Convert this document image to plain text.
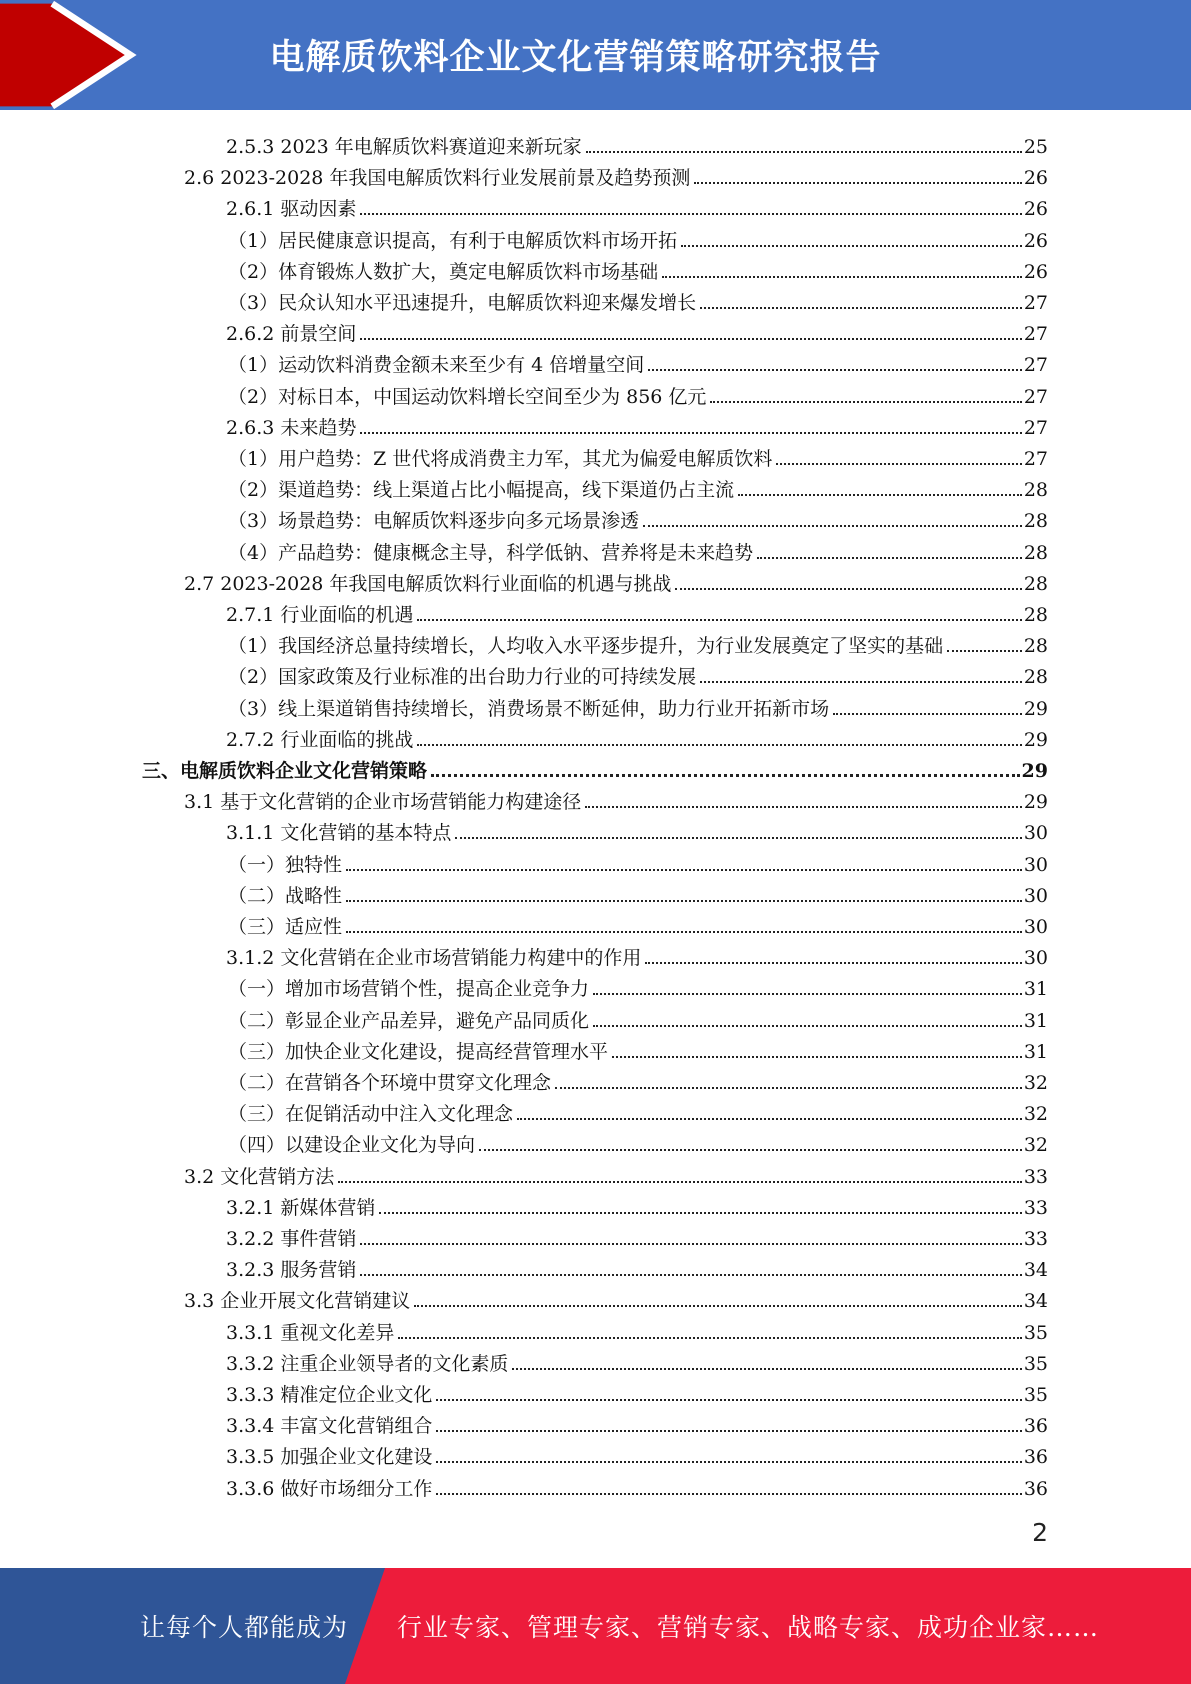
电解质饮料企业文化营销策略研究报告
2.5.3 2023 年电解质饮料赛道迎来新玩家	25
2.6 2023-2028 年我国电解质饮料行业发展前景及趋势预测	26
2.6.1 驱动因素	26
（1）居民健康意识提高，有利于电解质饮料市场开拓	26
（2）体育锻炼人数扩大，奠定电解质饮料市场基础	26
（3）民众认知水平迅速提升，电解质饮料迎来爆发增长	27
2.6.2 前景空间	27
（1）运动饮料消费金额未来至少有 4 倍增量空间	27
（2）对标日本，中国运动饮料增长空间至少为 856 亿元	27
2.6.3 未来趋势	27
（1）用户趋势：Z 世代将成消费主力军，其尤为偏爱电解质饮料	27
（2）渠道趋势：线上渠道占比小幅提高，线下渠道仍占主流	28
（3）场景趋势：电解质饮料逐步向多元场景渗透	28
（4）产品趋势：健康概念主导，科学低钠、营养将是未来趋势	28
2.7 2023-2028 年我国电解质饮料行业面临的机遇与挑战	28
2.7.1 行业面临的机遇	28
（1）我国经济总量持续增长，人均收入水平逐步提升，为行业发展奠定了坚实的基础	28
（2）国家政策及行业标准的出台助力行业的可持续发展	28
（3）线上渠道销售持续增长，消费场景不断延伸，助力行业开拓新市场	29
2.7.2 行业面临的挑战	29
三、电解质饮料企业文化营销策略	29
3.1 基于文化营销的企业市场营销能力构建途径	29
3.1.1 文化营销的基本特点	30
（一）独特性	30
（二）战略性	30
（三）适应性	30
3.1.2 文化营销在企业市场营销能力构建中的作用	30
（一）增加市场营销个性，提高企业竞争力	31
（二）彰显企业产品差异，避免产品同质化	31
（三）加快企业文化建设，提高经营管理水平	31
（二）在营销各个环境中贯穿文化理念	32
（三）在促销活动中注入文化理念	32
（四）以建设企业文化为导向	32
3.2 文化营销方法	33
3.2.1 新媒体营销	33
3.2.2 事件营销	33
3.2.3 服务营销	34
3.3 企业开展文化营销建议	34
3.3.1 重视文化差异	35
3.3.2 注重企业领导者的文化素质	35
3.3.3 精准定位企业文化	35
3.3.4 丰富文化营销组合	36
3.3.5 加强企业文化建设	36
3.3.6 做好市场细分工作	36
2
让每个人都能成为 行业专家、管理专家、营销专家、战略专家、成功企业家……
